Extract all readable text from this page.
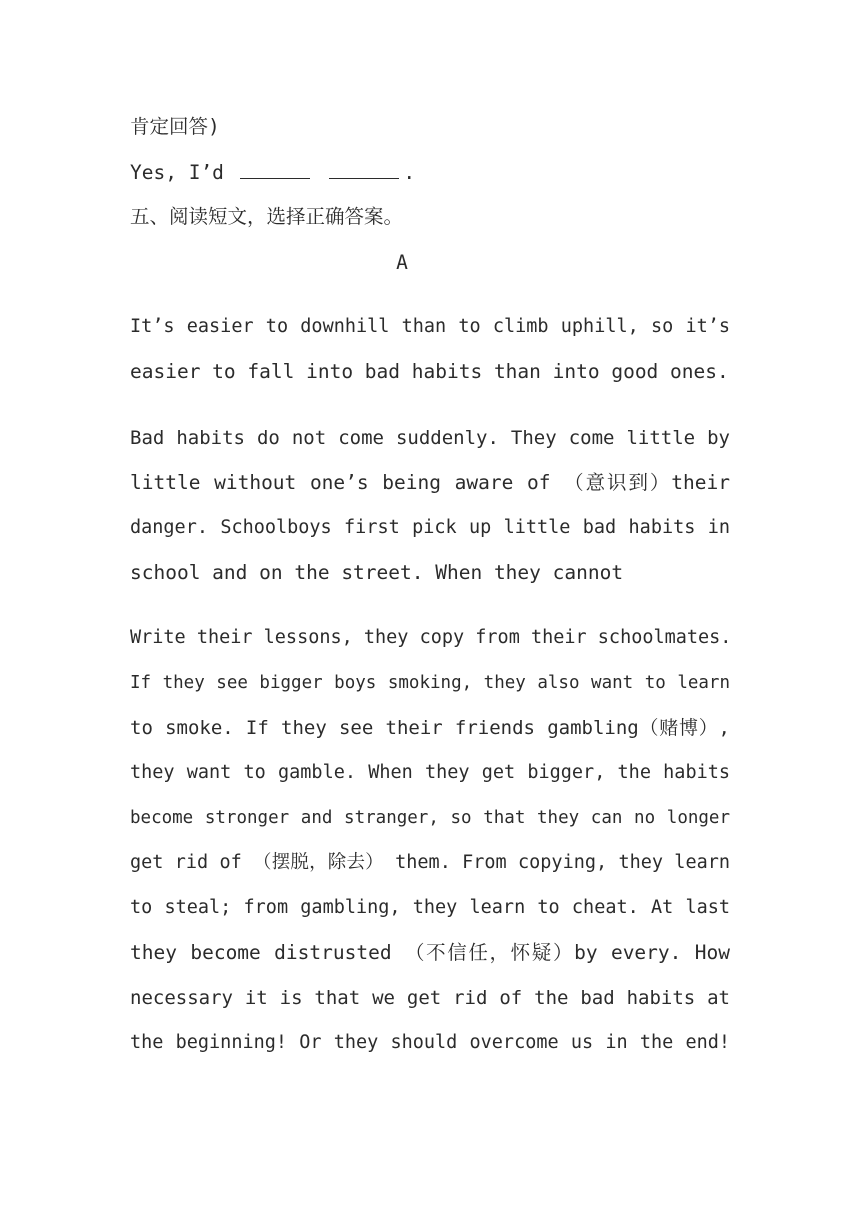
肯定回答)
Yes, I’d	.
五、阅读短文，选择正确答案。
A
It’s easier to downhill than to climb uphill, so it’s
easier to fall into bad habits than into good ones.
Bad habits do not come suddenly. They come little by
little without one’s being aware of （意识到）their
danger. Schoolboys first pick up little bad habits in
school and on the street. When they cannot
Write their lessons, they copy from their schoolmates.
If they see bigger boys smoking, they also want to learn
to smoke. If they see their friends gambling（赌博）,
they want to gamble. When they get bigger, the habits
become stronger and stranger, so that they can no longer
get rid of （摆脱，除去） them. From copying, they learn
to steal; from gambling, they learn to cheat. At last
they become distrusted （不信任，怀疑）by every. How
necessary it is that we get rid of the bad habits at
the beginning! Or they should overcome us in the end!
